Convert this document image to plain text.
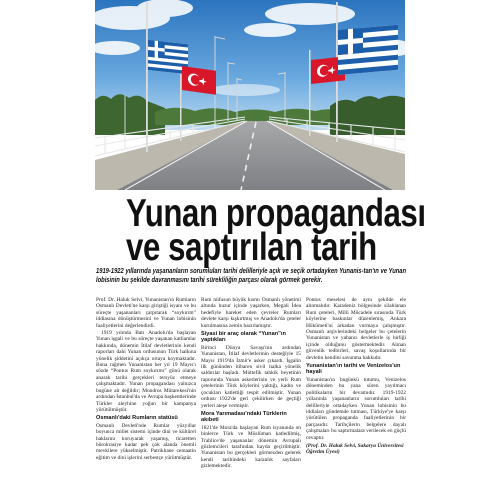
Yunan propagandası
ve saptırılan tarih

1919-1922 yıllarında yaşananların sorumluları tarihi delilleriyle açık ve seçik ortadayken Yunanis-tan'ın ve Yunan lobisinin bu şekilde davranmasını tarihi sürekliliğin parçası olarak görmek gerekir.

Prof. Dr. Haluk Selvi, Yunanistan'ın Rumların Osmanlı Devleti'ne karşı giriştiği isyanı ve bu süreçte yaşananları çarpıtarak “soykırım” iddiasına dönüştürmesini ve Yunan lobisinin faaliyetlerini değerlendirdi.

1919 yılında Batı Anadolu'da başlayan Yunan işgali ve bu süreçte yaşanan katliamlar hakkında, dönemin İtilaf devletlerinin kendi raporları dahi Yunan ordusunun Türk halkına yönelik şiddetini açıkça ortaya koymaktadır. Buna rağmen Yunanistan her yıl 19 Mayıs'ı sözde “Pontus Rum soykırımı” günü olarak anarak tarihi gerçekleri tersyüz etmeye çalışmaktadır. Yunan propagandası yalnızca bugüne ait değildir; Mondros Mütarekesi'nin ardından İstanbul'da ve Avrupa başkentlerinde Türkler aleyhine yoğun bir kampanya yürütülmüştür.

Osmanlı'daki Rumların statüsü

Osmanlı Devleti'nde Rumlar yüzyıllar boyunca millet sistemi içinde dini ve kültürel haklarını koruyarak yaşamış, ticaretten bürokrasiye kadar pek çok alanda önemli mevkilere yükselmiştir. Patrikhane cemaatin eğitim ve dini işlerini serbestçe yürütmüştür.

Rum nüfusun büyük kısmı Osmanlı yönetimi altında huzur içinde yaşarken, Megali İdea hedefiyle hareket eden çevreler Rumları devlete karşı kışkırtmış ve Anadolu'da çeteler kurulmasına zemin hazırlamıştır.

Siyasi bir araç olarak “Yunan”ın yaptıkları

Birinci Dünya Savaşı'nın ardından Yunanistan, İtilaf devletlerinin desteğiyle 15 Mayıs 1919'da İzmir'e asker çıkardı. İşgalin ilk gününden itibaren sivil halka yönelik saldırılar başladı. Müttefik tahkik heyetinin raporunda Yunan askerlerinin ve yerli Rum çetelerinin Türk köylerini yaktığı, kadın ve çocukları katlettiği tespit edilmiştir. Yunan ordusu 1922'de geri çekilirken de geçtiği yerleri ateşe vermiştir.

Mora Yarımadası'ndaki Türklerin akıbeti

1821'de Mora'da başlayan Rum isyanında on binlerce Türk ve Müslüman katledilmiş, Trablice'de yaşananlar dönemin Avrupalı gözlemcileri tarafından kayda geçirilmiştir. Yunanistan bu gerçekleri görmezden gelerek kendi tarihindeki karanlık sayfaları gizlemektedir.

Pontus meselesi de aynı şekilde ele alınmalıdır. Karadeniz bölgesinde silahlanan Rum çeteleri, Milli Mücadele sırasında Türk köylerine baskınlar düzenlemiş, Ankara Hükümeti'ni arkadan vurmaya çalışmıştır. Osmanlı arşivlerindeki belgeler bu çetelerin Yunanistan ve yabancı devletlerle iş birliği içinde olduğunu göstermektedir. Alınan güvenlik tedbirleri, savaş koşullarında bir devletin kendini savunma hakkıdır.

Yunanistan'ın tarihi ve Venizelos'un hayali

Yunanistan'ın bugünkü tutumu, Venizelos döneminden bu yana süren yayılmacı politikaların bir devamıdır. 1919-1922 yıllarında yaşananların sorumluları tarihi delilleriyle ortadayken Yunan lobisinin bu iddiaları gündemde tutması, Türkiye'ye karşı yürütülen propaganda faaliyetlerinin bir parçasıdır. Tarihçilerin belgelere dayalı çalışmaları bu saptırmalara verilecek en güçlü cevaptır.

(Prof. Dr. Haluk Selvi, Sakarya Üniversitesi Öğretim Üyesi)
